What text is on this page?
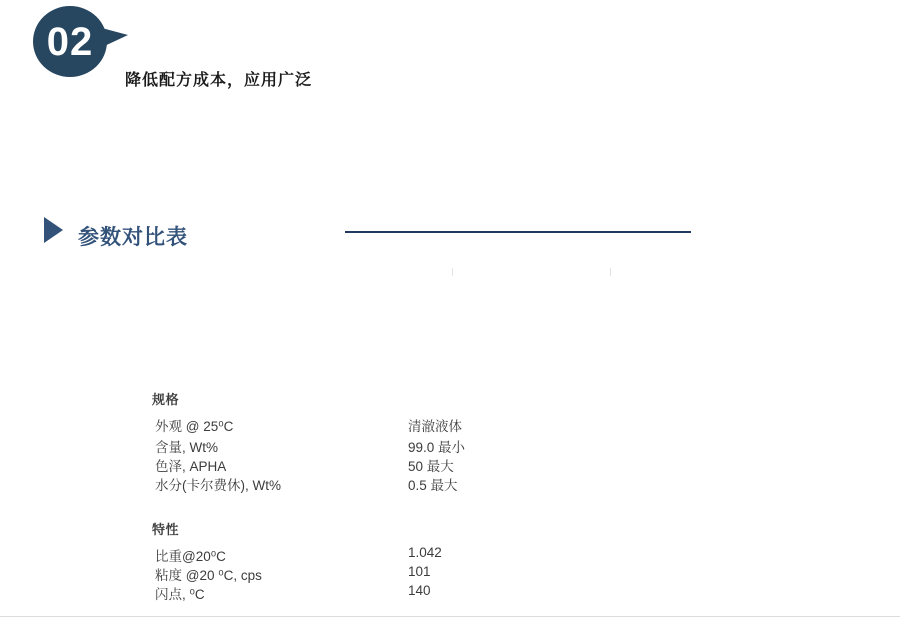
02
降低配方成本，应用广泛
参数对比表
规格
外观 @ 25⁰C	清澈液体
含量, Wt%	99.0 最小
色泽, APHA	50 最大
水分(卡尔费休), Wt%	0.5 最大
特性
比重@20⁰C	1.042
粘度 @20 ⁰C, cps	101
闪点, ⁰C	140
